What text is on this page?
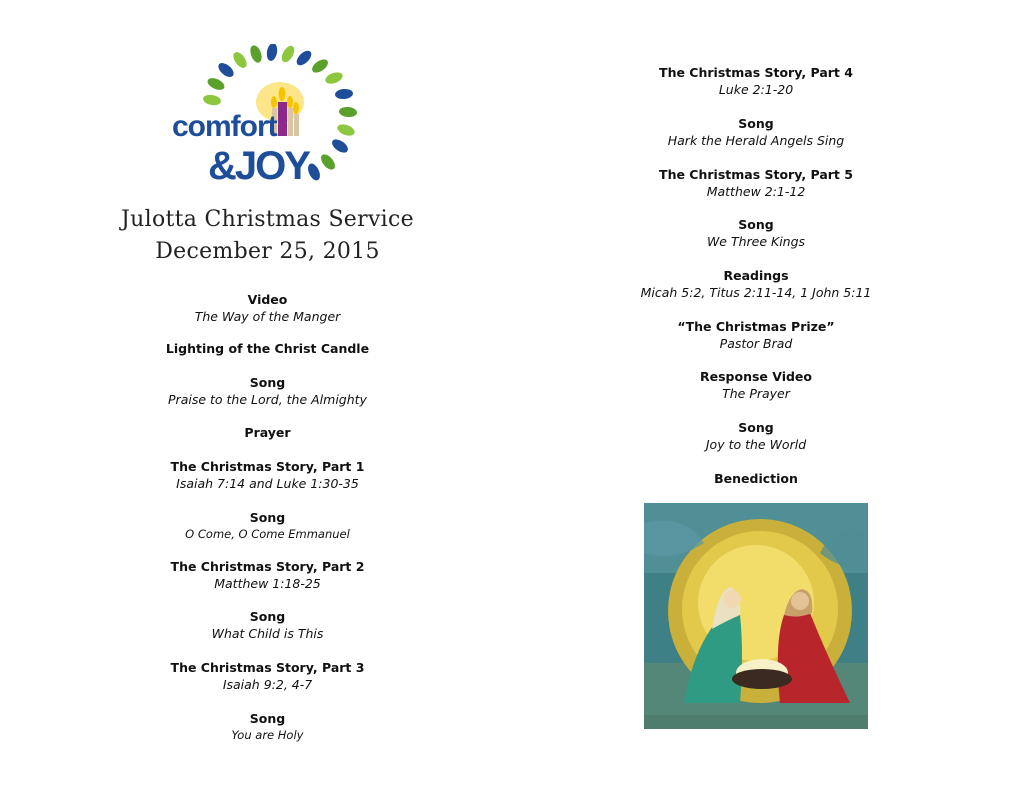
comfort
&JOY
Julotta Christmas Service
December 25, 2015
Video
The Way of the Manger
Lighting of the Christ Candle
Song
Praise to the Lord, the Almighty
Prayer
The Christmas Story, Part 1
Isaiah 7:14 and Luke 1:30-35
Song
O Come, O Come Emmanuel
The Christmas Story, Part 2
Matthew 1:18-25
Song
What Child is This
The Christmas Story, Part 3
Isaiah 9:2, 4-7
Song
You are Holy
The Christmas Story, Part 4
Luke 2:1-20
Song
Hark the Herald Angels Sing
The Christmas Story, Part 5
Matthew 2:1-12
Song
We Three Kings
Readings
Micah 5:2, Titus 2:11-14, 1 John 5:11
“The Christmas Prize”
Pastor Brad
Response Video
The Prayer
Song
Joy to the World
Benediction
